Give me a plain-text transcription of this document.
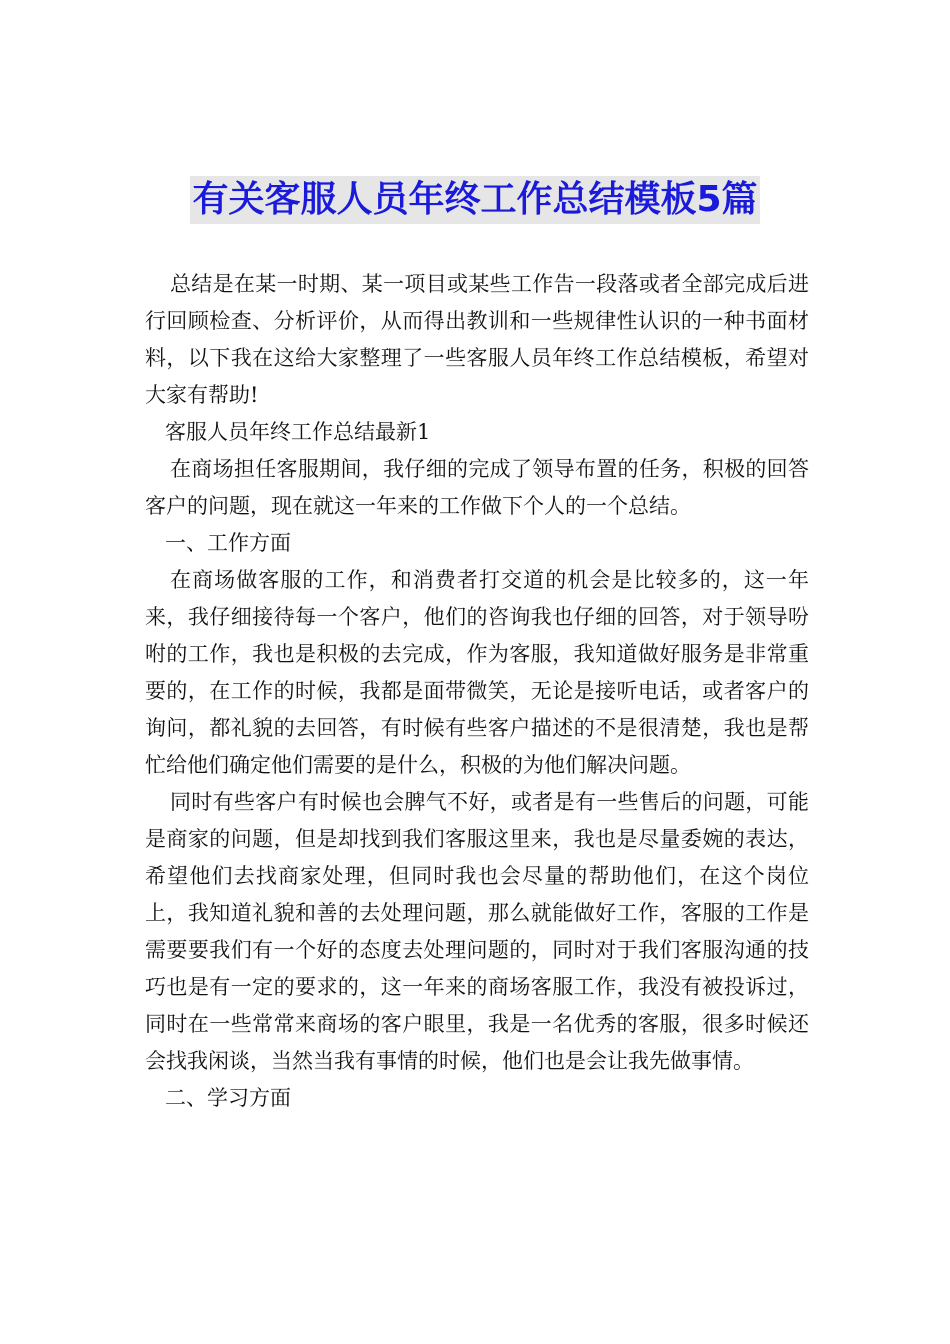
有关客服人员年终工作总结模板5篇

总结是在某一时期、某一项目或某些工作告一段落或者全部完成后进行回顾检查、分析评价，从而得出教训和一些规律性认识的一种书面材料，以下我在这给大家整理了一些客服人员年终工作总结模板，希望对大家有帮助!

客服人员年终工作总结最新1

在商场担任客服期间，我仔细的完成了领导布置的任务，积极的回答客户的问题，现在就这一年来的工作做下个人的一个总结。

一、工作方面

在商场做客服的工作，和消费者打交道的机会是比较多的，这一年来，我仔细接待每一个客户，他们的咨询我也仔细的回答，对于领导吩咐的工作，我也是积极的去完成，作为客服，我知道做好服务是非常重要的，在工作的时候，我都是面带微笑，无论是接听电话，或者客户的询问，都礼貌的去回答，有时候有些客户描述的不是很清楚，我也是帮忙给他们确定他们需要的是什么，积极的为他们解决问题。

同时有些客户有时候也会脾气不好，或者是有一些售后的问题，可能是商家的问题，但是却找到我们客服这里来，我也是尽量委婉的表达，希望他们去找商家处理，但同时我也会尽量的帮助他们，在这个岗位上，我知道礼貌和善的去处理问题，那么就能做好工作，客服的工作是需要要我们有一个好的态度去处理问题的，同时对于我们客服沟通的技巧也是有一定的要求的，这一年来的商场客服工作，我没有被投诉过，同时在一些常常来商场的客户眼里，我是一名优秀的客服，很多时候还会找我闲谈，当然当我有事情的时候，他们也是会让我先做事情。

二、学习方面
